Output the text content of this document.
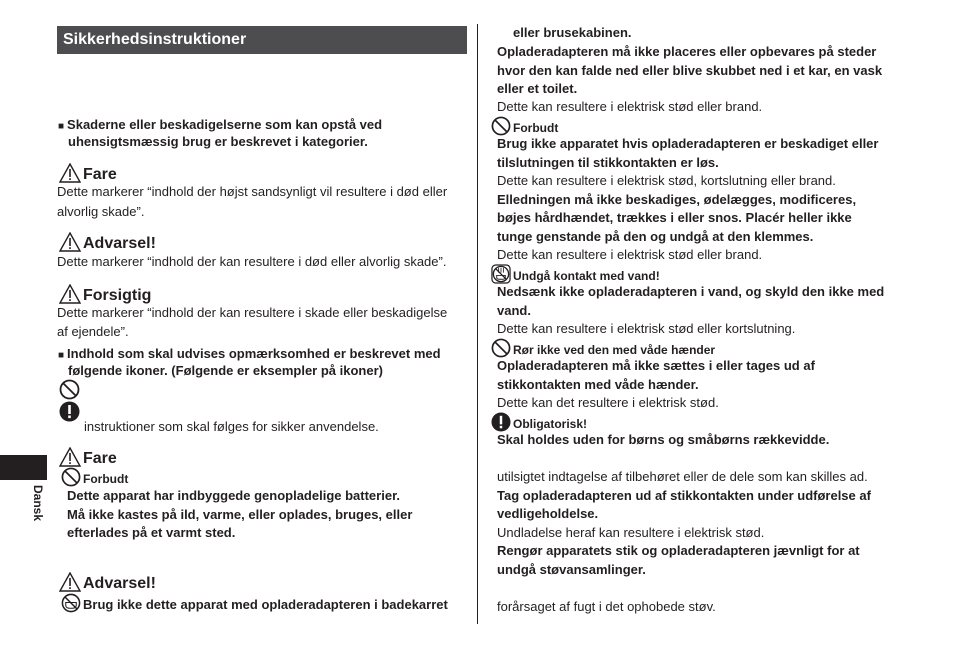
Sikkerhedsinstruktioner
■ Skaderne eller beskadigelserne som kan opstå ved
uhensigtsmæssig brug er beskrevet i kategorier.
Fare
Dette markerer “indhold der højst sandsynligt vil resultere i død eller
alvorlig skade”.
Advarsel!
Dette markerer “indhold der kan resultere i død eller alvorlig skade”.
Forsigtig
Dette markerer “indhold der kan resultere i skade eller beskadigelse
af ejendele”.
■ Indhold som skal udvises opmærksomhed er beskrevet med
følgende ikoner. (Følgende er eksempler på ikoner)
instruktioner som skal følges for sikker anvendelse.
Fare
Forbudt
Dette apparat har indbyggede genopladelige batterier.
Må ikke kastes på ild, varme, eller oplades, bruges, eller
efterlades på et varmt sted.
Advarsel!
Brug ikke dette apparat med opladeradapteren i badekarret
Dansk
eller brusekabinen.
Opladeradapteren må ikke placeres eller opbevares på steder
hvor den kan falde ned eller blive skubbet ned i et kar, en vask
eller et toilet.
Dette kan resultere i elektrisk stød eller brand.
Forbudt
Brug ikke apparatet hvis opladeradapteren er beskadiget eller
tilslutningen til stikkontakten er løs.
Dette kan resultere i elektrisk stød, kortslutning eller brand.
Elledningen må ikke beskadiges, ødelægges, modificeres,
bøjes hårdhændet, trækkes i eller snos. Placér heller ikke
tunge genstande på den og undgå at den klemmes.
Dette kan resultere i elektrisk stød eller brand.
Undgå kontakt med vand!
Nedsænk ikke opladeradapteren i vand, og skyld den ikke med
vand.
Dette kan resultere i elektrisk stød eller kortslutning.
Rør ikke ved den med våde hænder
Opladeradapteren må ikke sættes i eller tages ud af
stikkontakten med våde hænder.
Dette kan det resultere i elektrisk stød.
Obligatorisk!
Skal holdes uden for børns og småbørns rækkevidde.
utilsigtet indtagelse af tilbehøret eller de dele som kan skilles ad.
Tag opladeradapteren ud af stikkontakten under udførelse af
vedligeholdelse.
Undladelse heraf kan resultere i elektrisk stød.
Rengør apparatets stik og opladeradapteren jævnligt for at
undgå støvansamlinger.
forårsaget af fugt i det ophobede støv.
